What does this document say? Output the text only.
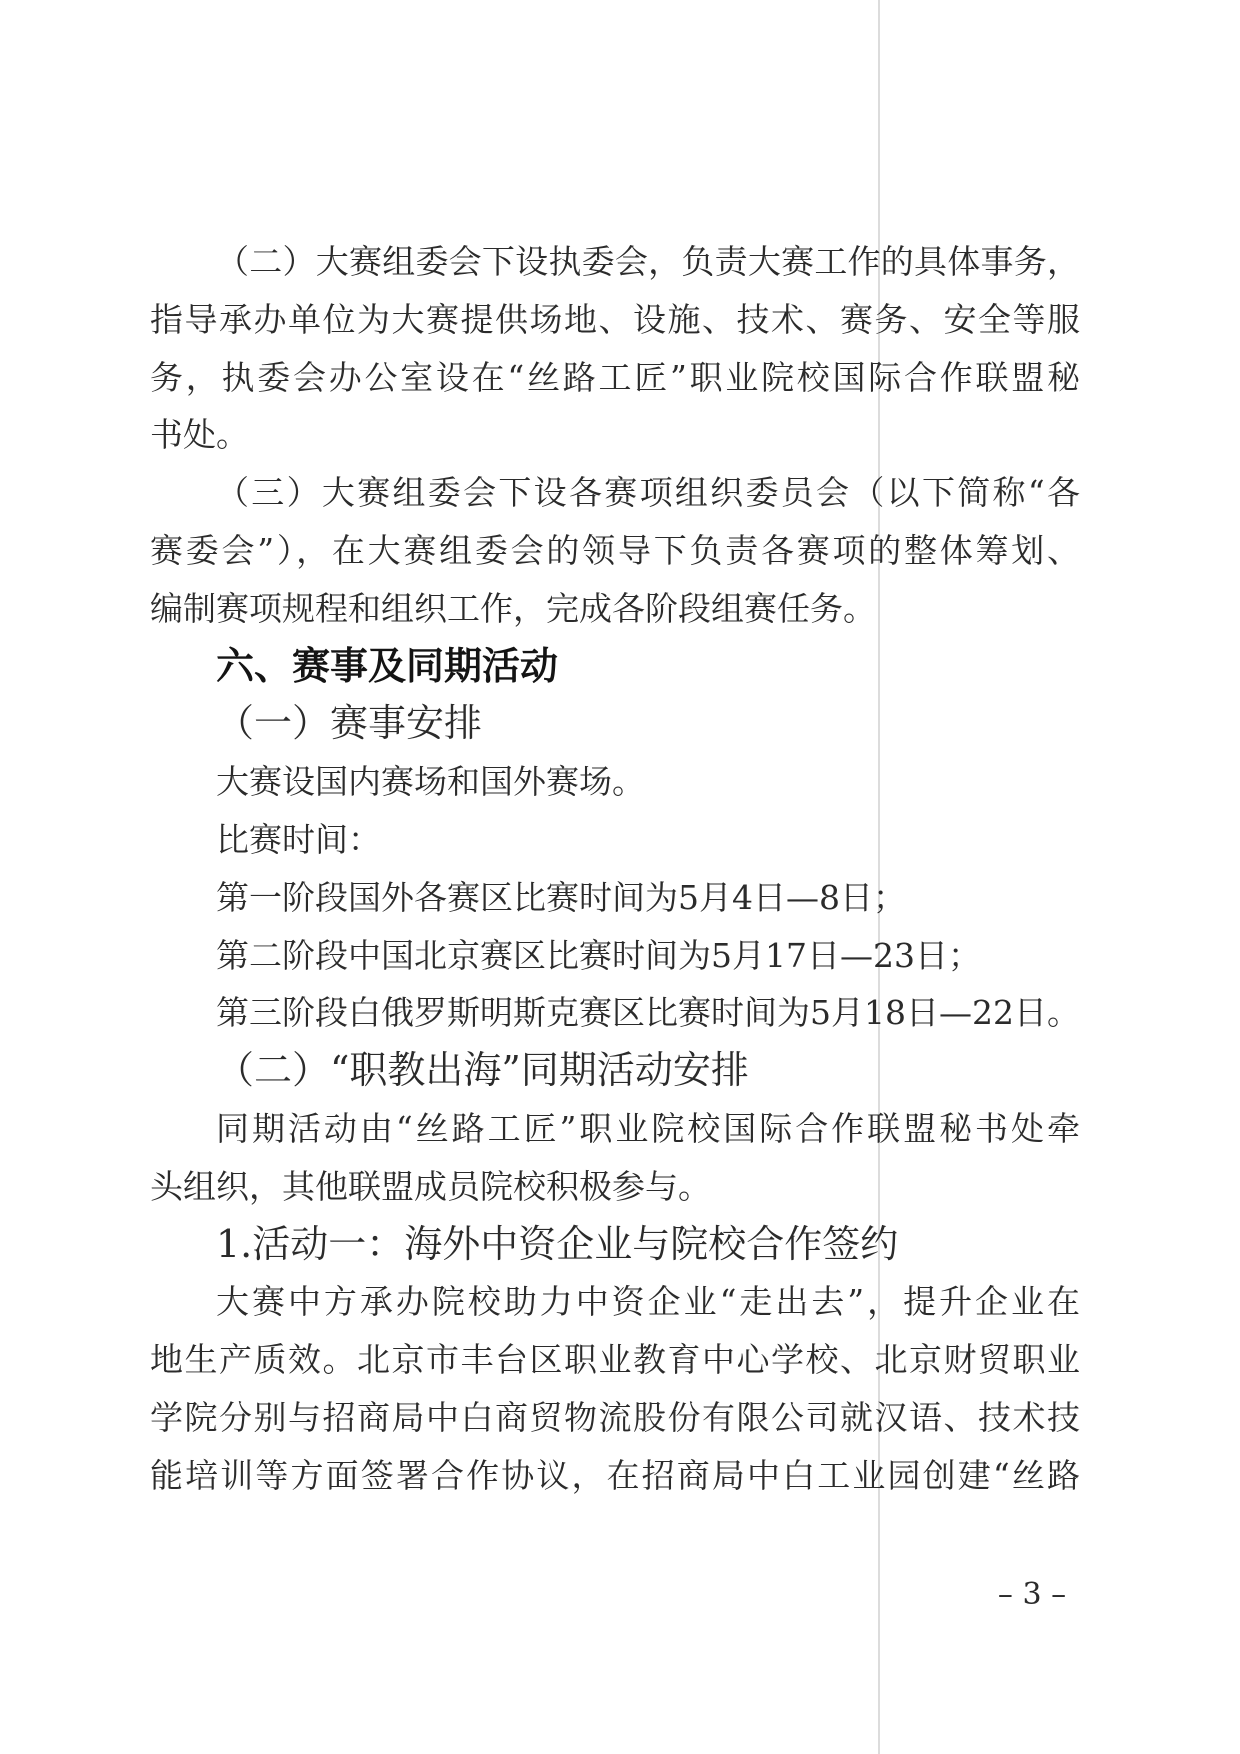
（二）大赛组委会下设执委会，负责大赛工作的具体事务，
指导承办单位为大赛提供场地、设施、技术、赛务、安全等服
务，执委会办公室设在“丝路工匠”职业院校国际合作联盟秘
书处。
（三）大赛组委会下设各赛项组织委员会（以下简称“各
赛委会”），在大赛组委会的领导下负责各赛项的整体筹划、
编制赛项规程和组织工作，完成各阶段组赛任务。
六、赛事及同期活动
（一）赛事安排
大赛设国内赛场和国外赛场。
比赛时间：
第一阶段国外各赛区比赛时间为5月4日—8日；
第二阶段中国北京赛区比赛时间为5月17日—23日；
第三阶段白俄罗斯明斯克赛区比赛时间为5月18日—22日。
（二）“职教出海”同期活动安排
同期活动由“丝路工匠”职业院校国际合作联盟秘书处牵
头组织，其他联盟成员院校积极参与。
1.活动一：海外中资企业与院校合作签约
大赛中方承办院校助力中资企业“走出去”，提升企业在
地生产质效。北京市丰台区职业教育中心学校、北京财贸职业
学院分别与招商局中白商贸物流股份有限公司就汉语、技术技
能培训等方面签署合作协议，在招商局中白工业园创建“丝路
– 3 –
